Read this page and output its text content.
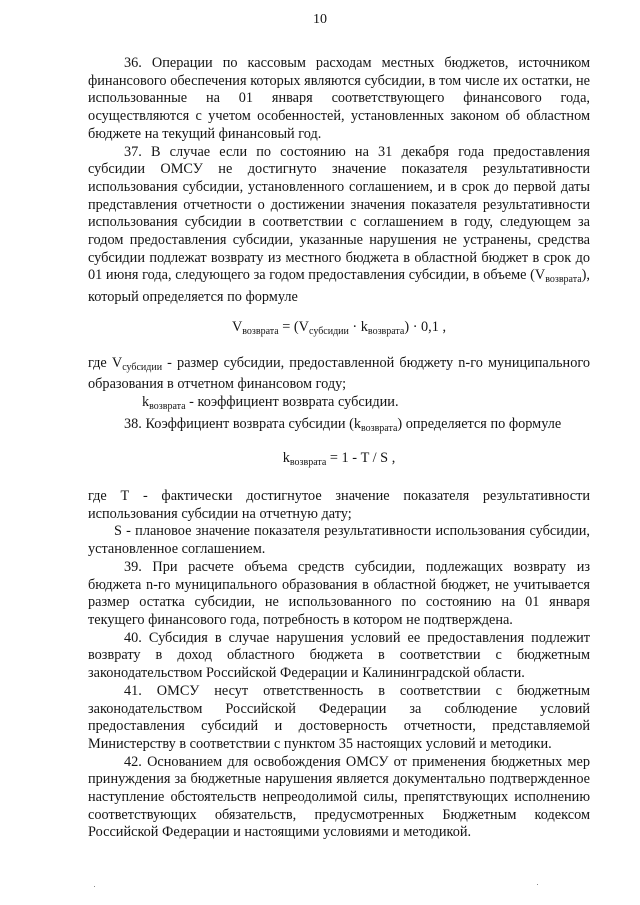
10

36. Операции по кассовым расходам местных бюджетов, источником финансового обеспечения которых являются субсидии, в том числе их остатки, не использованные на 01 января соответствующего финансового года, осуществляются с учетом особенностей, установленных законом об областном бюджете на текущий финансовый год.

37. В случае если по состоянию на 31 декабря года предоставления субсидии ОМСУ не достигнуто значение показателя результативности использования субсидии, установленного соглашением, и в срок до первой даты представления отчетности о достижении значения показателя результативности использования субсидии в соответствии с соглашением в году, следующем за годом предоставления субсидии, указанные нарушения не устранены, средства субсидии подлежат возврату из местного бюджета в областной бюджет в срок до 01 июня года, следующего за годом предоставления субсидии, в объеме $(V_{возврата})$, который определяется по формуле

$V_{возврата} = (V_{субсидии} \cdot k_{возврата}) \cdot 0,1$ ,

где $V_{субсидии}$ - размер субсидии, предоставленной бюджету n-го муниципального образования в отчетном финансовом году;

$k_{возврата}$ - коэффициент возврата субсидии.

38. Коэффициент возврата субсидии $(k_{возврата})$ определяется по формуле

$k_{возврата} = 1 - T / S$ ,

где Т - фактически достигнутое значение показателя результативности использования субсидии на отчетную дату;

S - плановое значение показателя результативности использования субсидии, установленное соглашением.

39. При расчете объема средств субсидии, подлежащих возврату из бюджета n-го муниципального образования в областной бюджет, не учитывается размер остатка субсидии, не использованного по состоянию на 01 января текущего финансового года, потребность в котором не подтверждена.

40. Субсидия в случае нарушения условий ее предоставления подлежит возврату в доход областного бюджета в соответствии с бюджетным законодательством Российской Федерации и Калининградской области.

41. ОМСУ несут ответственность в соответствии с бюджетным законодательством Российской Федерации за соблюдение условий предоставления субсидий и достоверность отчетности, представляемой Министерству в соответствии с пунктом 35 настоящих условий и методики.

42. Основанием для освобождения ОМСУ от применения бюджетных мер принуждения за бюджетные нарушения является документально подтвержденное наступление обстоятельств непреодолимой силы, препятствующих исполнению соответствующих обязательств, предусмотренных Бюджетным кодексом Российской Федерации и настоящими условиями и методикой.
